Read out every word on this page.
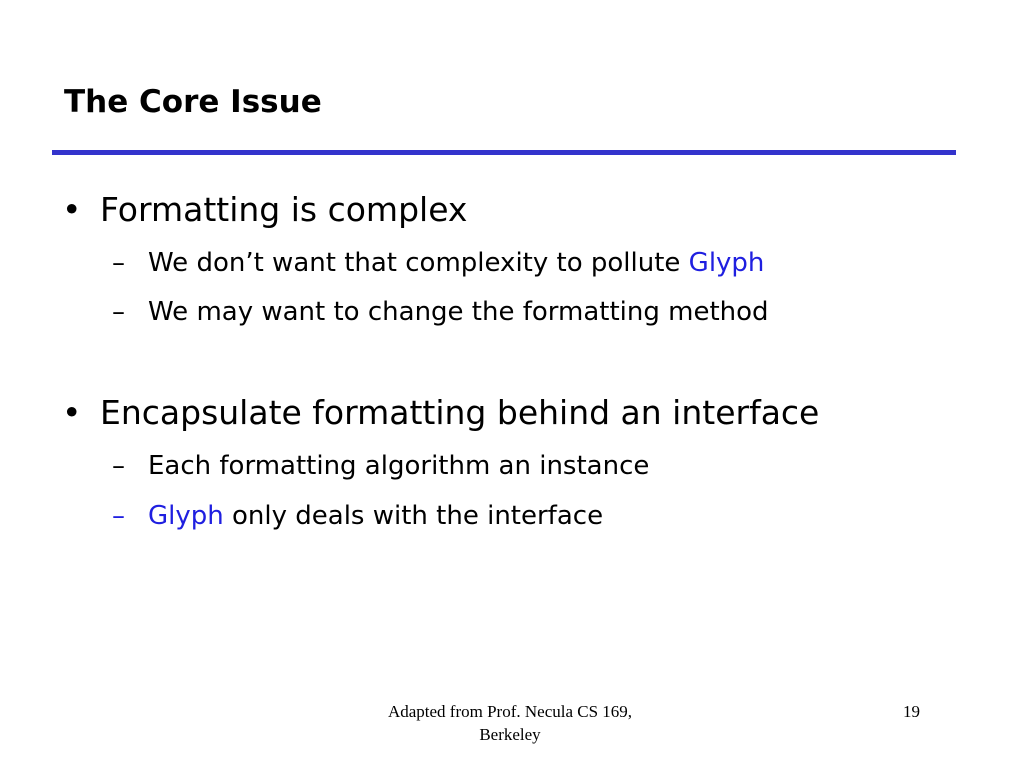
The Core Issue
• Formatting is complex
– We don’t want that complexity to pollute Glyph
– We may want to change the formatting method
• Encapsulate formatting behind an interface
– Each formatting algorithm an instance
– Glyph only deals with the interface
Adapted from Prof. Necula CS 169,
Berkeley
19
